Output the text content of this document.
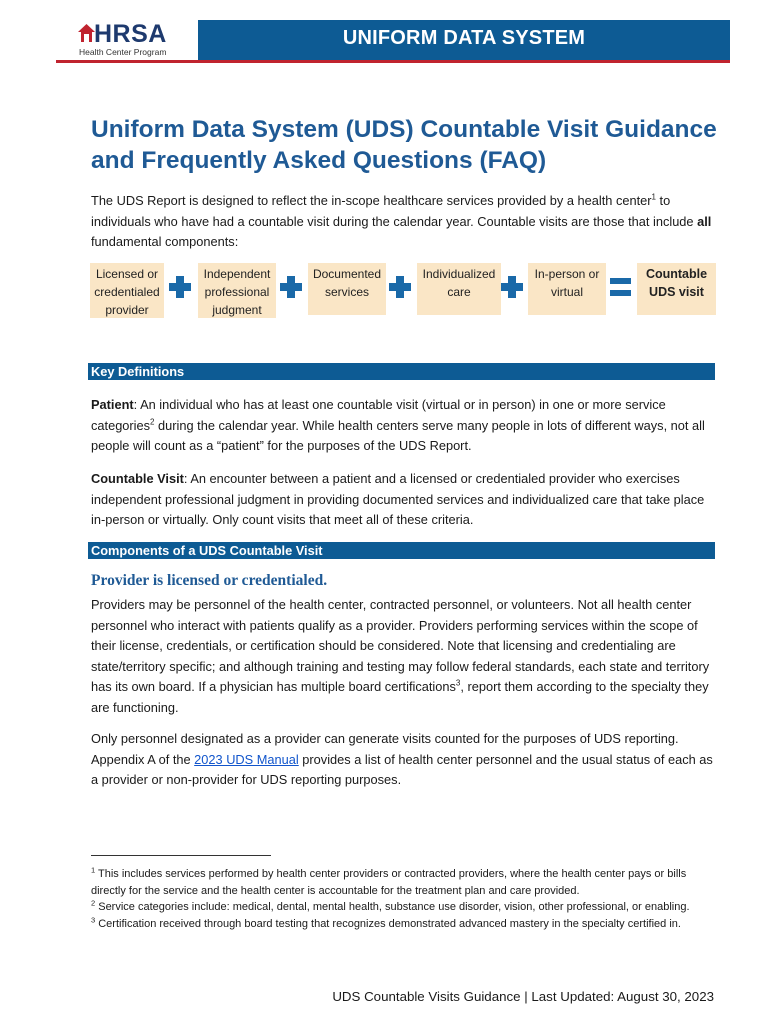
HRSA
Health Center Program
UNIFORM DATA SYSTEM
Uniform Data System (UDS) Countable Visit Guidance and Frequently Asked Questions (FAQ)

The UDS Report is designed to reflect the in-scope healthcare services provided by a health center$^1$ to individuals who have had a countable visit during the calendar year. Countable visits are those that include all fundamental components:

Licensed or
credentialed
provider
Independent
professional
judgment
Documented
services
Individualized
care
In-person or
virtual
Countable
UDS visit
Key Definitions

Patient: An individual who has at least one countable visit (virtual or in person) in one or more service categories$^2$ during the calendar year. While health centers serve many people in lots of different ways, not all people will count as a “patient” for the purposes of the UDS Report.

Countable Visit: An encounter between a patient and a licensed or credentialed provider who exercises independent professional judgment in providing documented services and individualized care that take place in-person or virtually. Only count visits that meet all of these criteria.

Components of a UDS Countable Visit
Provider is licensed or credentialed.

Providers may be personnel of the health center, contracted personnel, or volunteers. Not all health center personnel who interact with patients qualify as a provider. Providers performing services within the scope of their license, credentials, or certification should be considered. Note that licensing and credentialing are state/territory specific; and although training and testing may follow federal standards, each state and territory has its own board. If a physician has multiple board certifications$^3$, report them according to the specialty they are functioning.

Only personnel designated as a provider can generate visits counted for the purposes of UDS reporting. Appendix A of the 2023 UDS Manual provides a list of health center personnel and the usual status of each as a provider or non-provider for UDS reporting purposes.

$^1$ This includes services performed by health center providers or contracted providers, where the health center pays or bills directly for the service and the health center is accountable for the treatment plan and care provided.
$^2$ Service categories include: medical, dental, mental health, substance use disorder, vision, other professional, or enabling.
$^3$ Certification received through board testing that recognizes demonstrated advanced mastery in the specialty certified in.
UDS Countable Visits Guidance | Last Updated: August 30, 2023
